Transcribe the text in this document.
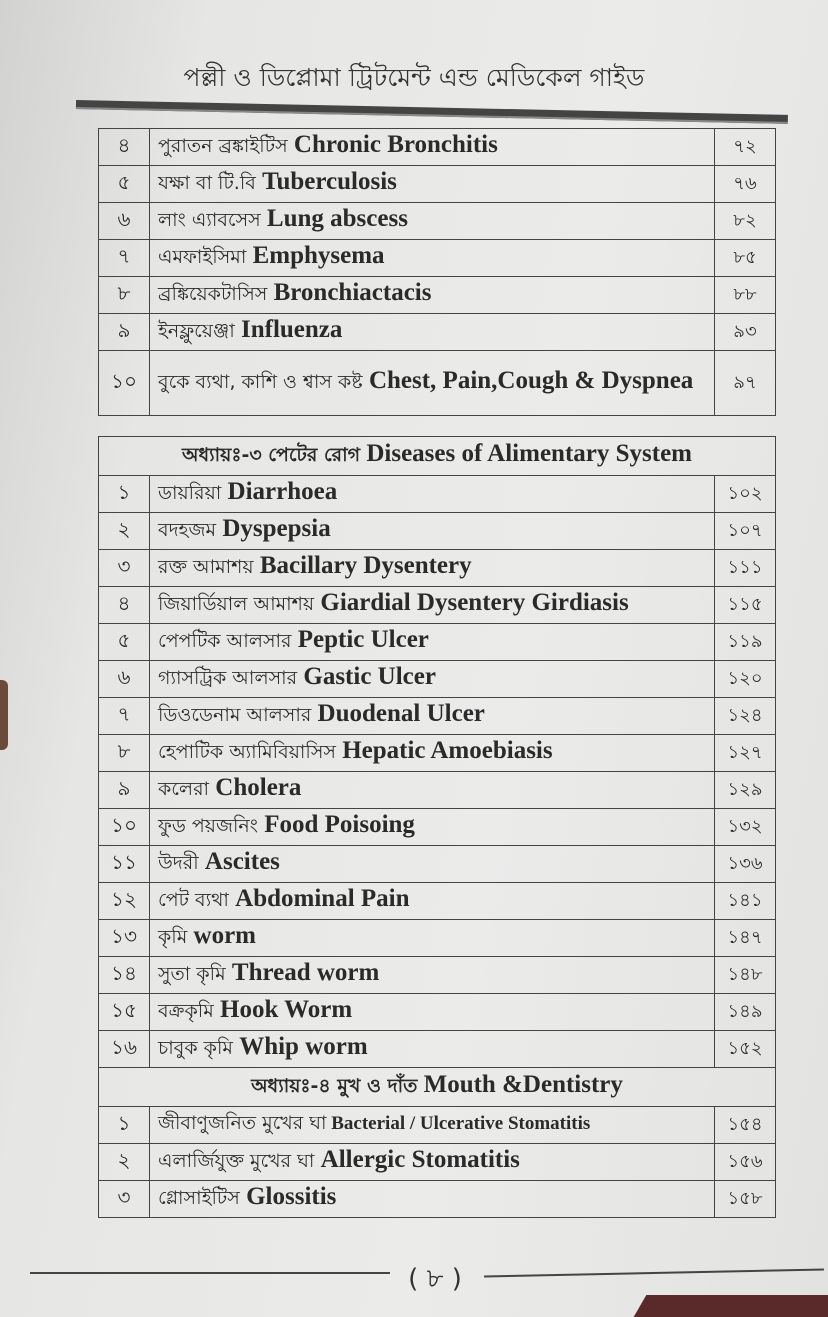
পল্লী ও ডিপ্লোমা ট্রিটমেন্ট এন্ড মেডিকেল গাইড
৪	পুরাতন ব্রঙ্কাইটিস Chronic Bronchitis	৭২
৫	যক্ষা বা টি.বি Tuberculosis	৭৬
৬	লাং এ্যাবসেস Lung abscess	৮২
৭	এমফাইসিমা Emphysema	৮৫
৮	ব্রঙ্কিয়েকটাসিস Bronchiactacis	৮৮
৯	ইনফ্লুয়েঞ্জা Influenza	৯৩
১০	বুকে ব্যথা, কাশি ও শ্বাস কষ্ট Chest, Pain,Cough & Dyspnea	৯৭
অধ্যায়ঃ-৩ পেটের রোগ Diseases of Alimentary System		
১	ডায়রিয়া Diarrhoea	১০২
২	বদহজম Dyspepsia	১০৭
৩	রক্ত আমাশয় Bacillary Dysentery	১১১
৪	জিয়ার্ডিয়াল আমাশয় Giardial Dysentery Girdiasis	১১৫
৫	পেপটিক আলসার Peptic Ulcer	১১৯
৬	গ্যাসট্রিক আলসার Gastic Ulcer	১২০
৭	ডিওডেনাম আলসার Duodenal Ulcer	১২৪
৮	হেপাটিক অ্যামিবিয়াসিস Hepatic Amoebiasis	১২৭
৯	কলেরা Cholera	১২৯
১০	ফুড পয়জনিং Food Poisoing	১৩২
১১	উদরী Ascites	১৩৬
১২	পেট ব্যথা Abdominal Pain	১৪১
১৩	কৃমি worm	১৪৭
১৪	সুতা কৃমি Thread worm	১৪৮
১৫	বক্রকৃমি Hook Worm	১৪৯
১৬	চাবুক কৃমি Whip worm	১৫২
অধ্যায়ঃ-৪ মুখ ও দাঁত Mouth &Dentistry		
১	জীবাণুজনিত মুখের ঘা Bacterial / Ulcerative Stomatitis	১৫৪
২	এলার্জিযুক্ত মুখের ঘা Allergic Stomatitis	১৫৬
৩	গ্লোসাইটিস Glossitis	১৫৮
( ৮ )
